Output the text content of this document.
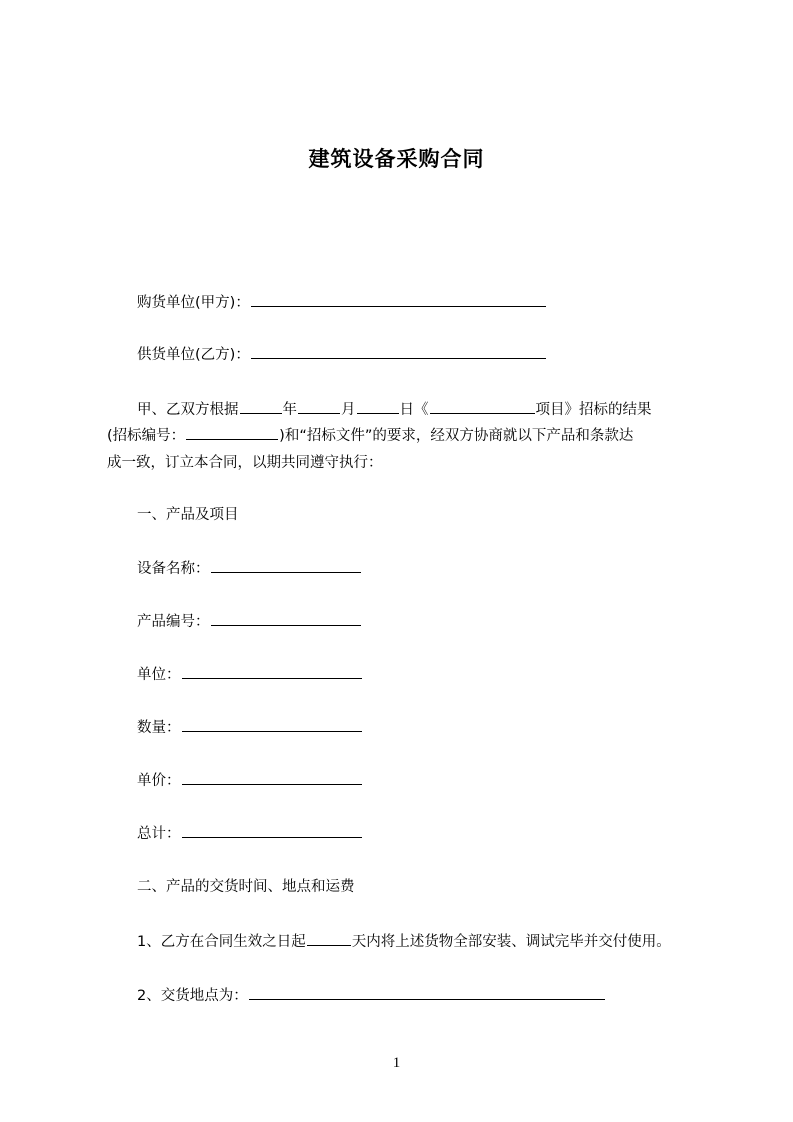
建筑设备采购合同
购货单位(甲方)：
供货单位(乙方)：
甲、乙双方根据	年	月	日《	项目》招标的结果
(招标编号：	)和“招标文件”的要求，经双方协商就以下产品和条款达
成一致，订立本合同，以期共同遵守执行：
一、产品及项目
设备名称：
产品编号：
单位：
数量：
单价：
总计：
二、产品的交货时间、地点和运费
1、乙方在合同生效之日起	天内将上述货物全部安装、调试完毕并交付使用。
2、交货地点为：
1
